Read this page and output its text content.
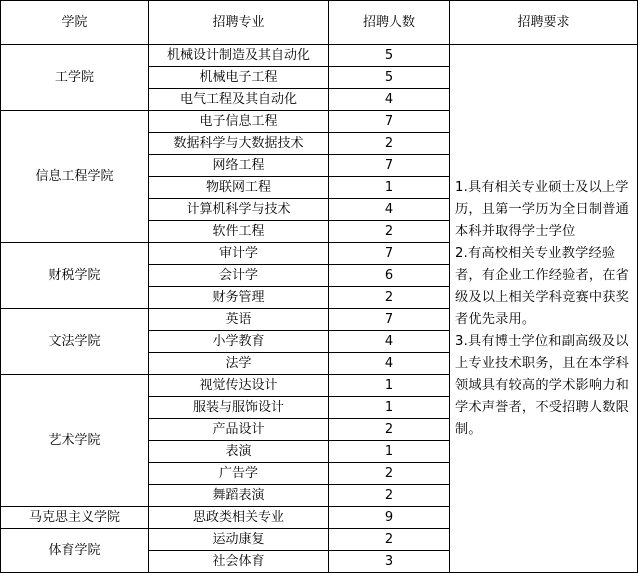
学院	招聘专业	招聘人数	招聘要求
工学院	机械设计制造及其自动化	5	1.具有相关专业硕士及以上学历，且第一学历为全日制普通本科并取得学士学位
2.有高校相关专业教学经验者，有企业工作经验者，在省级及以上相关学科竞赛中获奖者优先录用。
3.具有博士学位和副高级及以上专业技术职务，且在本学科领域具有较高的学术影响力和学术声誉者，不受招聘人数限制。

	机械电子工程	5	
	电气工程及其自动化	4	
信息工程学院	电子信息工程	7	
	数据科学与大数据技术	2	
	网络工程	7	
	物联网工程	1	
	计算机科学与技术	4	
	软件工程	2	
财税学院	审计学	7	
	会计学	6	
	财务管理	2	
文法学院	英语	7	
	小学教育	4	
	法学	4	
艺术学院	视觉传达设计	1	
	服装与服饰设计	1	
	产品设计	2	
	表演	1	
	广告学	2	
	舞蹈表演	2	
马克思主义学院	思政类相关专业	9	
体育学院	运动康复	2	
	社会体育	3	
